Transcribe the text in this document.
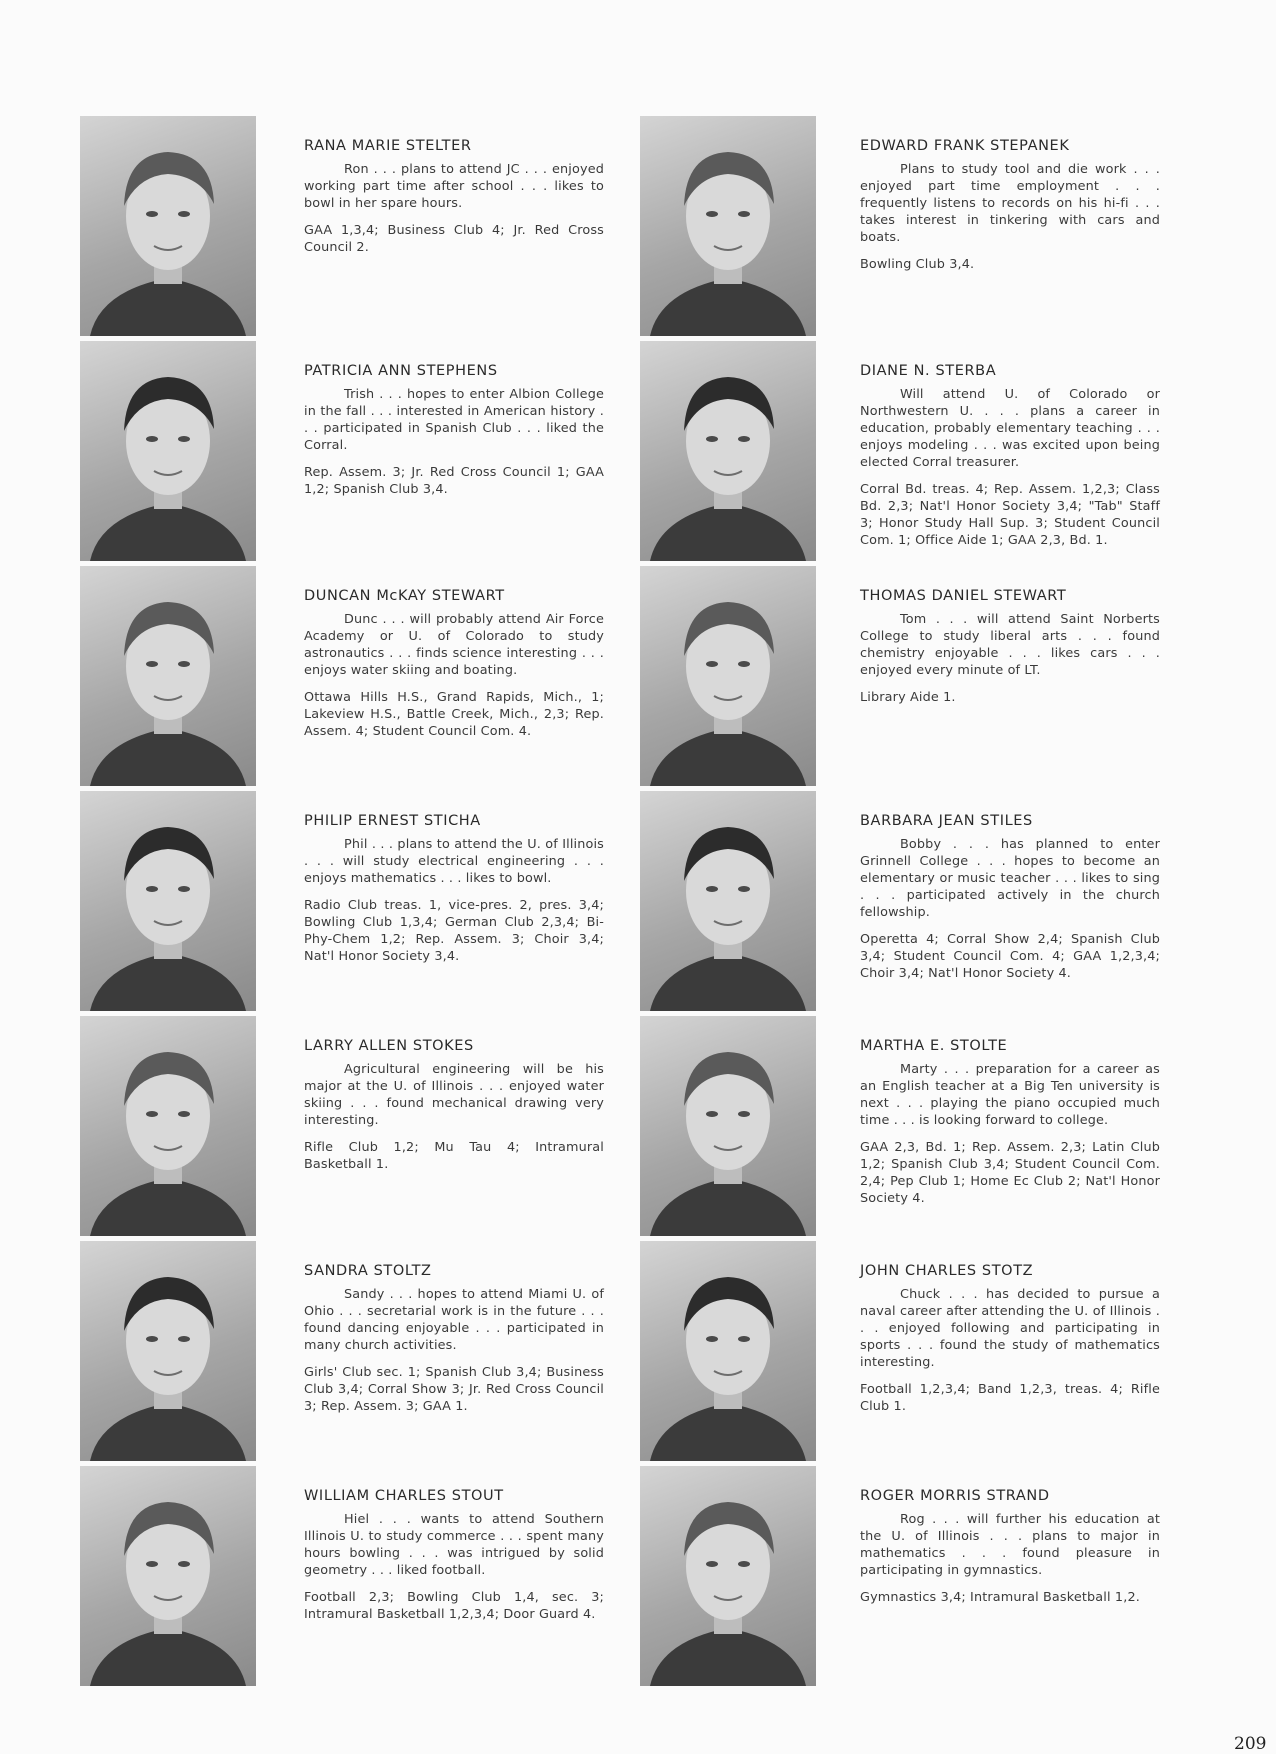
RANA MARIE STELTER

Ron . . . plans to attend JC . . . enjoyed working part time after school . . . likes to bowl in her spare hours.

GAA 1,3,4; Business Club 4; Jr. Red Cross Council 2.

PATRICIA ANN STEPHENS

Trish . . . hopes to enter Albion College in the fall . . . interested in American history . . . participated in Spanish Club . . . liked the Corral.

Rep. Assem. 3; Jr. Red Cross Council 1; GAA 1,2; Spanish Club 3,4.

DUNCAN McKAY STEWART

Dunc . . . will probably attend Air Force Academy or U. of Colorado to study astronautics . . . finds science interesting . . . enjoys water skiing and boating.

Ottawa Hills H.S., Grand Rapids, Mich., 1; Lakeview H.S., Battle Creek, Mich., 2,3; Rep. Assem. 4; Student Council Com. 4.

PHILIP ERNEST STICHA

Phil . . . plans to attend the U. of Illinois . . . will study electrical engineering . . . enjoys mathematics . . . likes to bowl.

Radio Club treas. 1, vice-pres. 2, pres. 3,4; Bowling Club 1,3,4; German Club 2,3,4; Bi-Phy-Chem 1,2; Rep. Assem. 3; Choir 3,4; Nat'l Honor Society 3,4.

LARRY ALLEN STOKES

Agricultural engineering will be his major at the U. of Illinois . . . enjoyed water skiing . . . found mechanical drawing very interesting.

Rifle Club 1,2; Mu Tau 4; Intramural Basketball 1.

SANDRA STOLTZ

Sandy . . . hopes to attend Miami U. of Ohio . . . secretarial work is in the future . . . found dancing enjoyable . . . participated in many church activities.

Girls' Club sec. 1; Spanish Club 3,4; Business Club 3,4; Corral Show 3; Jr. Red Cross Council 3; Rep. Assem. 3; GAA 1.

WILLIAM CHARLES STOUT

Hiel . . . wants to attend Southern Illinois U. to study commerce . . . spent many hours bowling . . . was intrigued by solid geometry . . . liked football.

Football 2,3; Bowling Club 1,4, sec. 3; Intramural Basketball 1,2,3,4; Door Guard 4.

EDWARD FRANK STEPANEK

Plans to study tool and die work . . . enjoyed part time employment . . . frequently listens to records on his hi-fi . . . takes interest in tinkering with cars and boats.

Bowling Club 3,4.

DIANE N. STERBA

Will attend U. of Colorado or Northwestern U. . . . plans a career in education, probably elementary teaching . . . enjoys modeling . . . was excited upon being elected Corral treasurer.

Corral Bd. treas. 4; Rep. Assem. 1,2,3; Class Bd. 2,3; Nat'l Honor Society 3,4; "Tab" Staff 3; Honor Study Hall Sup. 3; Student Council Com. 1; Office Aide 1; GAA 2,3, Bd. 1.

THOMAS DANIEL STEWART

Tom . . . will attend Saint Norberts College to study liberal arts . . . found chemistry enjoyable . . . likes cars . . . enjoyed every minute of LT.

Library Aide 1.

BARBARA JEAN STILES

Bobby . . . has planned to enter Grinnell College . . . hopes to become an elementary or music teacher . . . likes to sing . . . participated actively in the church fellowship.

Operetta 4; Corral Show 2,4; Spanish Club 3,4; Student Council Com. 4; GAA 1,2,3,4; Choir 3,4; Nat'l Honor Society 4.

MARTHA E. STOLTE

Marty . . . preparation for a career as an English teacher at a Big Ten university is next . . . playing the piano occupied much time . . . is looking forward to college.

GAA 2,3, Bd. 1; Rep. Assem. 2,3; Latin Club 1,2; Spanish Club 3,4; Student Council Com. 2,4; Pep Club 1; Home Ec Club 2; Nat'l Honor Society 4.

JOHN CHARLES STOTZ

Chuck . . . has decided to pursue a naval career after attending the U. of Illinois . . . enjoyed following and participating in sports . . . found the study of mathematics interesting.

Football 1,2,3,4; Band 1,2,3, treas. 4; Rifle Club 1.

ROGER MORRIS STRAND

Rog . . . will further his education at the U. of Illinois . . . plans to major in mathematics . . . found pleasure in participating in gymnastics.

Gymnastics 3,4; Intramural Basketball 1,2.

209
